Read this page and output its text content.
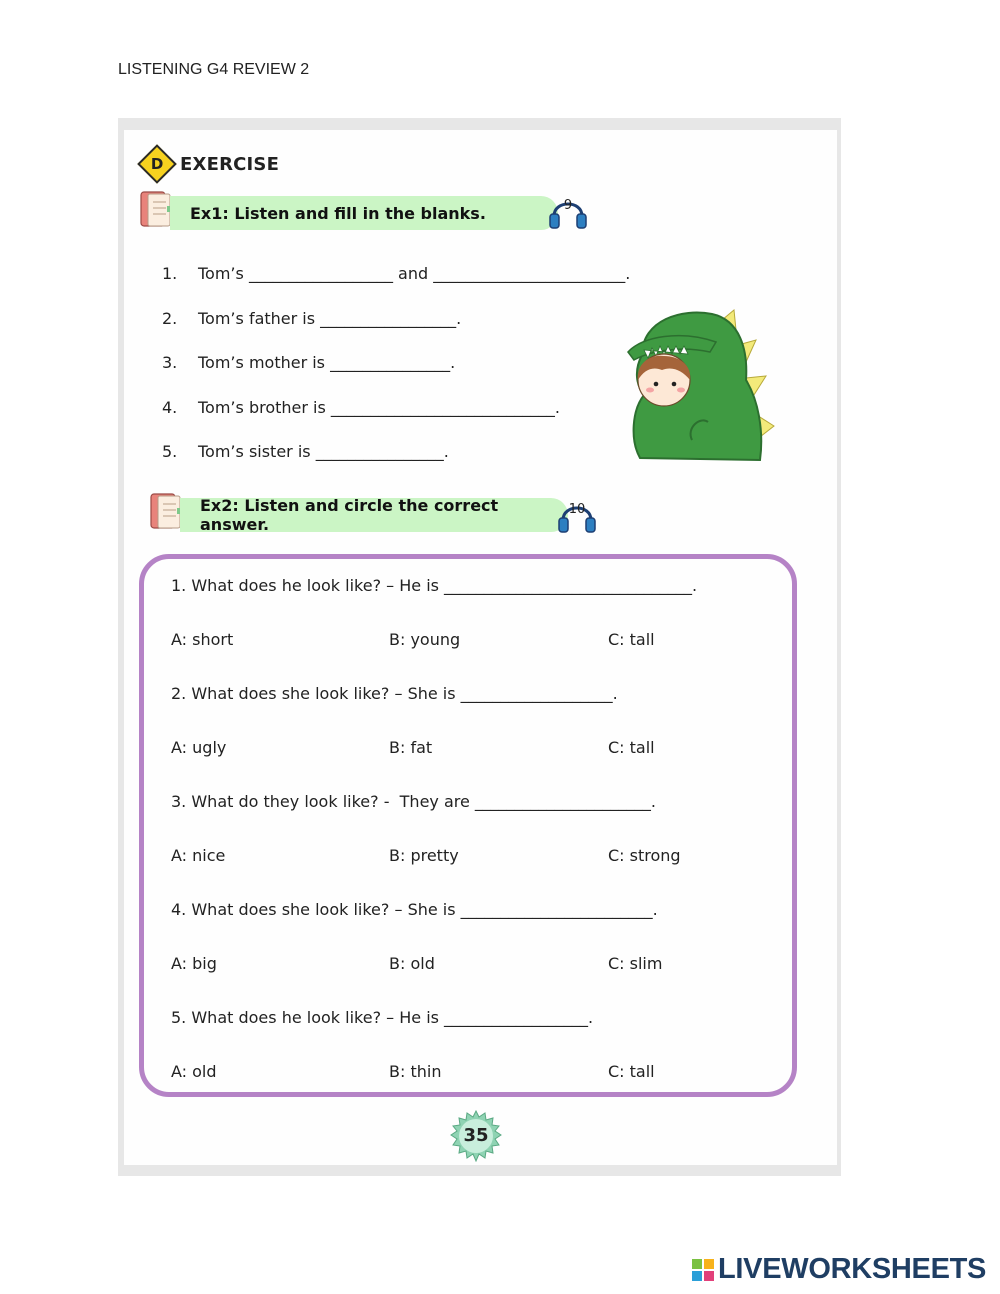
LISTENING G4 REVIEW 2
D EXERCISE
Ex1: Listen and fill in the blanks.	9
1. Tom’s __________________ and ________________________.
2. Tom’s father is _________________.
3. Tom’s mother is _______________.
4. Tom’s brother is ____________________________.
5. Tom’s sister is ________________.
Ex2: Listen and circle the correct answer.
10
1. What does he look like? – He is _______________________________.
A: short	B: young	C: tall
2. What does she look like? – She is ___________________.
A: ugly	B: fat	C: tall
3. What do they look like? -  They are ______________________.
A: nice	B: pretty	C: strong
4. What does she look like? – She is ________________________.
A: big	B: old	C: slim
5. What does he look like? – He is __________________.
A: old	B: thin	C: tall
35
LIVEWORKSHEETS
